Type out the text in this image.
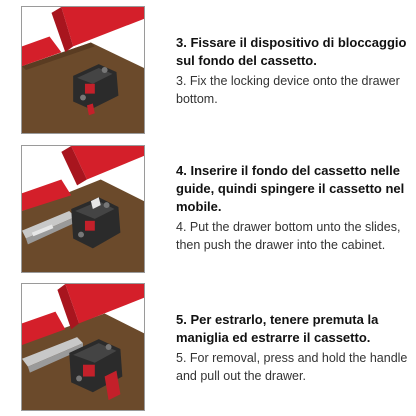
3. Fissare il dispositivo di bloccaggio sul fondo del cassetto.

3. Fix the locking device onto the drawer bottom.

4. Inserire il fondo del cassetto nelle guide, quindi spingere il cassetto nel mobile.

4. Put the drawer bottom unto the slides, then push the drawer into the cabinet.

5. Per estrarlo, tenere premuta la maniglia ed estrarre il cassetto.

5. For removal, press and hold the handle and pull out the drawer.
